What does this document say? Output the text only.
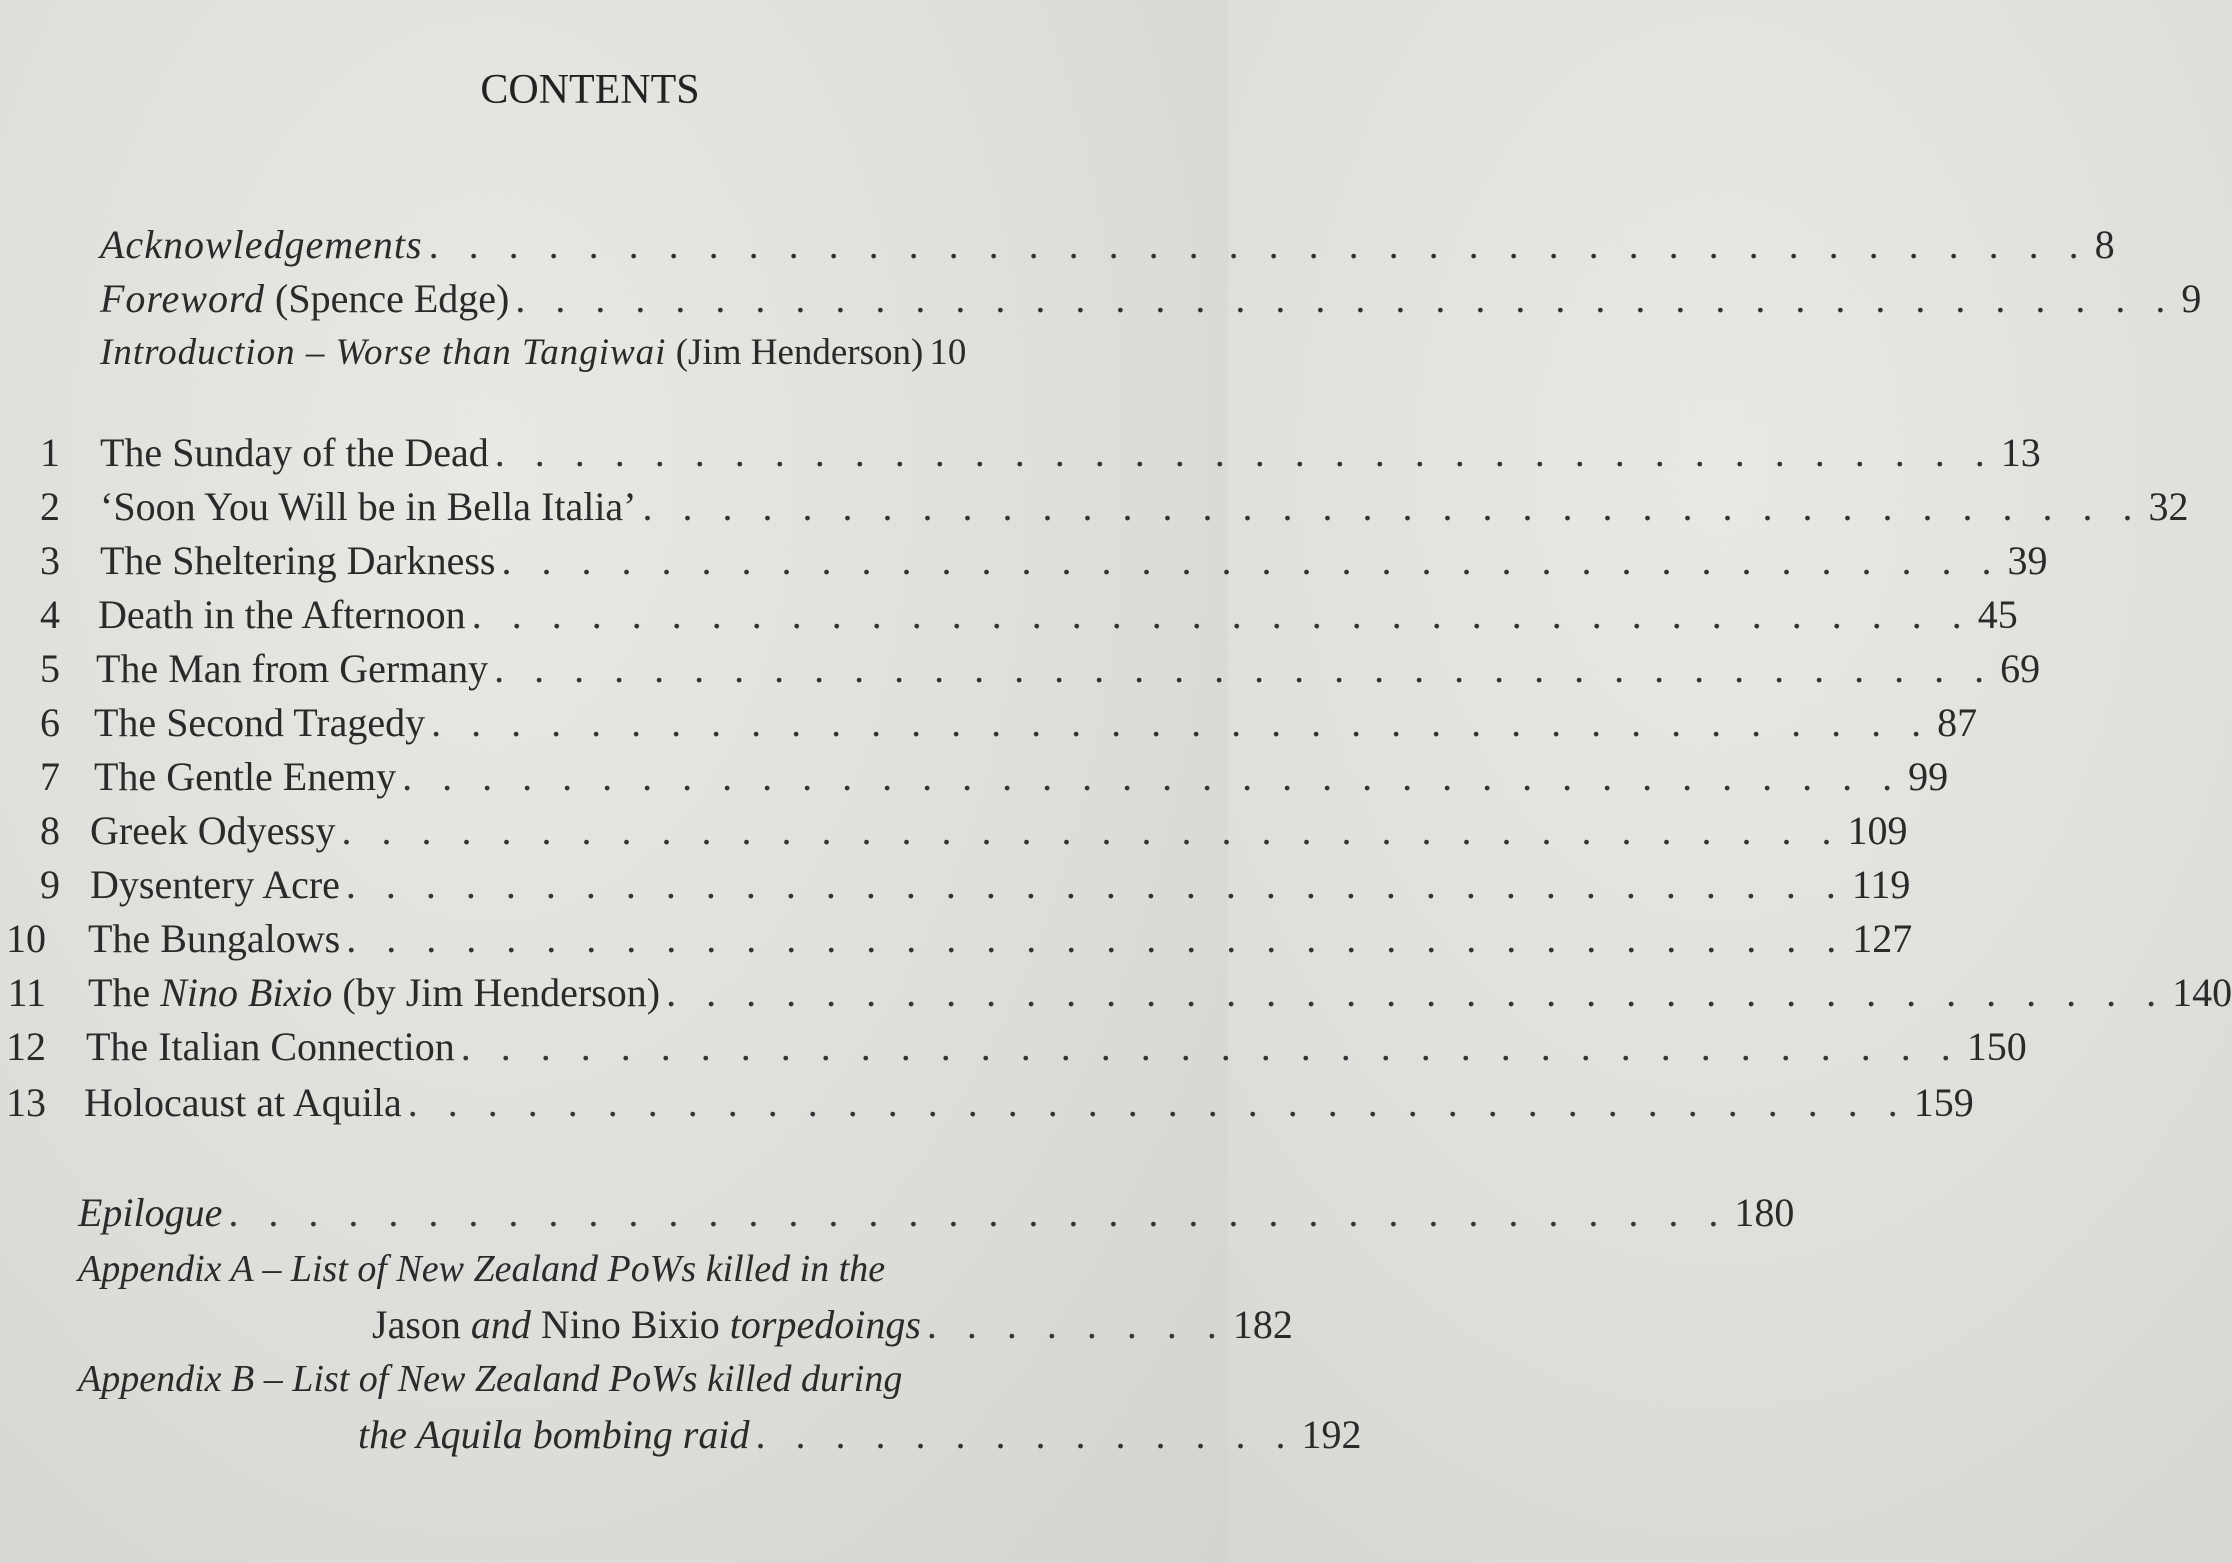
CONTENTS
Acknowledgements . . . . . . . . . . . . . . . . . . . . . . . . . . . . . . . . . . . . . . . . . . 8
Foreword (Spence Edge) . . . . . . . . . . . . . . . . . . . . . . . . . . . . . . . . . . . . . . . . . . 9
Introduction – Worse than Tangiwai (Jim Henderson) 10
1 The Sunday of the Dead . . . . . . . . . . . . . . . . . . . . . . . . . . . . . . . . . . . . . . 13
2 ‘Soon You Will be in Bella Italia’ . . . . . . . . . . . . . . . . . . . . . . . . . . . . . . . . . . . . . . 32
3 The Sheltering Darkness . . . . . . . . . . . . . . . . . . . . . . . . . . . . . . . . . . . . . . 39
4 Death in the Afternoon . . . . . . . . . . . . . . . . . . . . . . . . . . . . . . . . . . . . . . 45
5 The Man from Germany . . . . . . . . . . . . . . . . . . . . . . . . . . . . . . . . . . . . . . 69
6 The Second Tragedy . . . . . . . . . . . . . . . . . . . . . . . . . . . . . . . . . . . . . . 87
7 The Gentle Enemy . . . . . . . . . . . . . . . . . . . . . . . . . . . . . . . . . . . . . . 99
8 Greek Odyessy . . . . . . . . . . . . . . . . . . . . . . . . . . . . . . . . . . . . . . 109
9 Dysentery Acre . . . . . . . . . . . . . . . . . . . . . . . . . . . . . . . . . . . . . . 119
10 The Bungalows . . . . . . . . . . . . . . . . . . . . . . . . . . . . . . . . . . . . . . 127
11 The Nino Bixio (by Jim Henderson) . . . . . . . . . . . . . . . . . . . . . . . . . . . . . . . . . . . . . . 140
12 The Italian Connection . . . . . . . . . . . . . . . . . . . . . . . . . . . . . . . . . . . . . . 150
13 Holocaust at Aquila . . . . . . . . . . . . . . . . . . . . . . . . . . . . . . . . . . . . . . 159
Epilogue . . . . . . . . . . . . . . . . . . . . . . . . . . . . . . . . . . . . . . 180
Appendix A – List of New Zealand PoWs killed in the
Jason and Nino Bixio torpedoings . . . . . . . . 182
Appendix B – List of New Zealand PoWs killed during
the Aquila bombing raid . . . . . . . . . . . . . . 192
